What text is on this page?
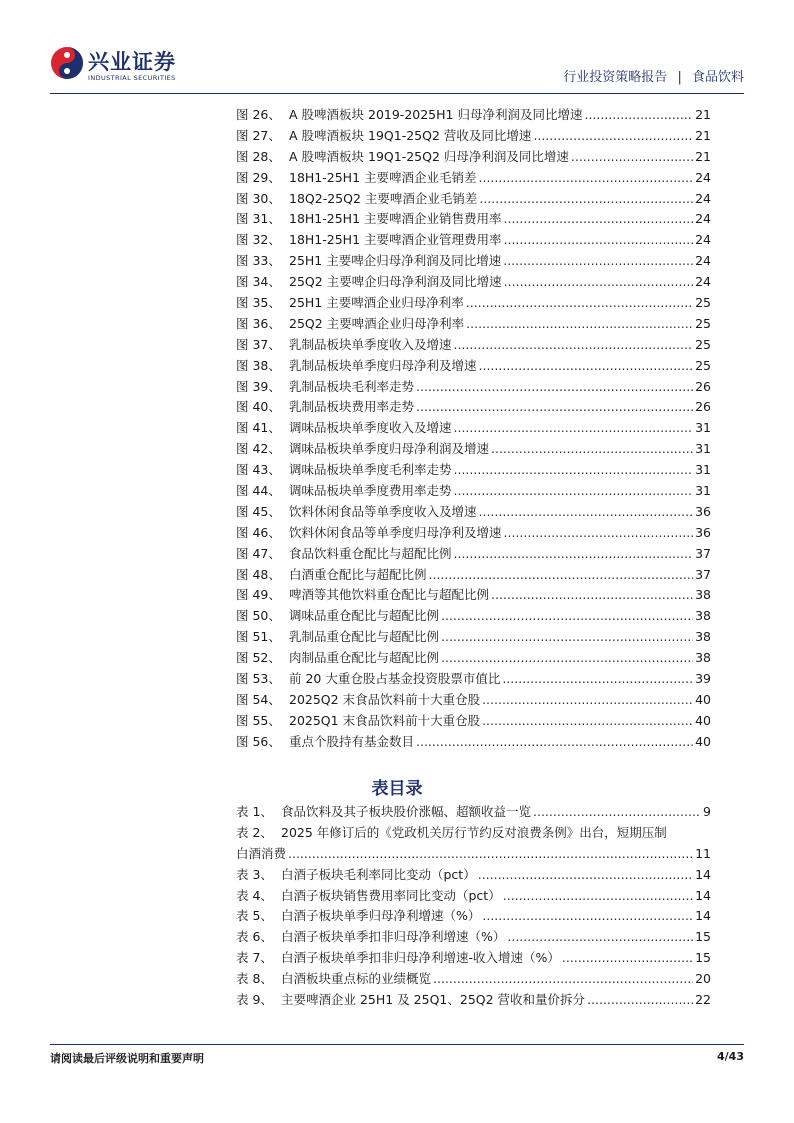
兴业证券
INDUSTRIAL SECURITIES	行业投资策略报告 | 食品饮料
图 26、 A 股啤酒板块 2019-2025H1 归母净利润及同比增速 .....	21
图 27、 A 股啤酒板块 19Q1-25Q2 营收及同比增速 .....	21
图 28、 A 股啤酒板块 19Q1-25Q2 归母净利润及同比增速 .....	21
图 29、 18H1-25H1 主要啤酒企业毛销差 .....	24
图 30、 18Q2-25Q2 主要啤酒企业毛销差 .....	24
图 31、 18H1-25H1 主要啤酒企业销售费用率 .....	24
图 32、 18H1-25H1 主要啤酒企业管理费用率 .....	24
图 33、 25H1 主要啤企归母净利润及同比增速 .....	24
图 34、 25Q2 主要啤企归母净利润及同比增速 .....	24
图 35、 25H1 主要啤酒企业归母净利率 .....	25
图 36、 25Q2 主要啤酒企业归母净利率 .....	25
图 37、 乳制品板块单季度收入及增速 .....	25
图 38、 乳制品板块单季度归母净利及增速 .....	25
图 39、 乳制品板块毛利率走势 .....	26
图 40、 乳制品板块费用率走势 .....	26
图 41、 调味品板块单季度收入及增速 .....	31
图 42、 调味品板块单季度归母净利润及增速 .....	31
图 43、 调味品板块单季度毛利率走势 .....	31
图 44、 调味品板块单季度费用率走势 .....	31
图 45、 饮料休闲食品等单季度收入及增速 .....	36
图 46、 饮料休闲食品等单季度归母净利及增速 .....	36
图 47、 食品饮料重仓配比与超配比例 .....	37
图 48、 白酒重仓配比与超配比例 .....	37
图 49、 啤酒等其他饮料重仓配比与超配比例 .....	38
图 50、 调味品重仓配比与超配比例 .....	38
图 51、 乳制品重仓配比与超配比例 .....	38
图 52、 肉制品重仓配比与超配比例 .....	38
图 53、 前 20 大重仓股占基金投资股票市值比 .....	39
图 54、 2025Q2 末食品饮料前十大重仓股 .....	40
图 55、 2025Q1 末食品饮料前十大重仓股 .....	40
图 56、 重点个股持有基金数目 .....	40
表目录
表 1、 食品饮料及其子板块股价涨幅、超额收益一览 .....	9
表 2、 2025 年修订后的《党政机关厉行节约反对浪费条例》出台，短期压制
白酒消费 .....	11
表 3、 白酒子板块毛利率同比变动（pct） .....	14
表 4、 白酒子板块销售费用率同比变动（pct） .....	14
表 5、 白酒子板块单季归母净利增速（%） .....	14
表 6、 白酒子板块单季扣非归母净利增速（%） .....	15
表 7、 白酒子板块单季扣非归母净利增速-收入增速（%） .....	15
表 8、 白酒板块重点标的业绩概览 .....	20
表 9、 主要啤酒企业 25H1 及 25Q1、25Q2 营收和量价拆分 .....	22
请阅读最后评级说明和重要声明	4/43
